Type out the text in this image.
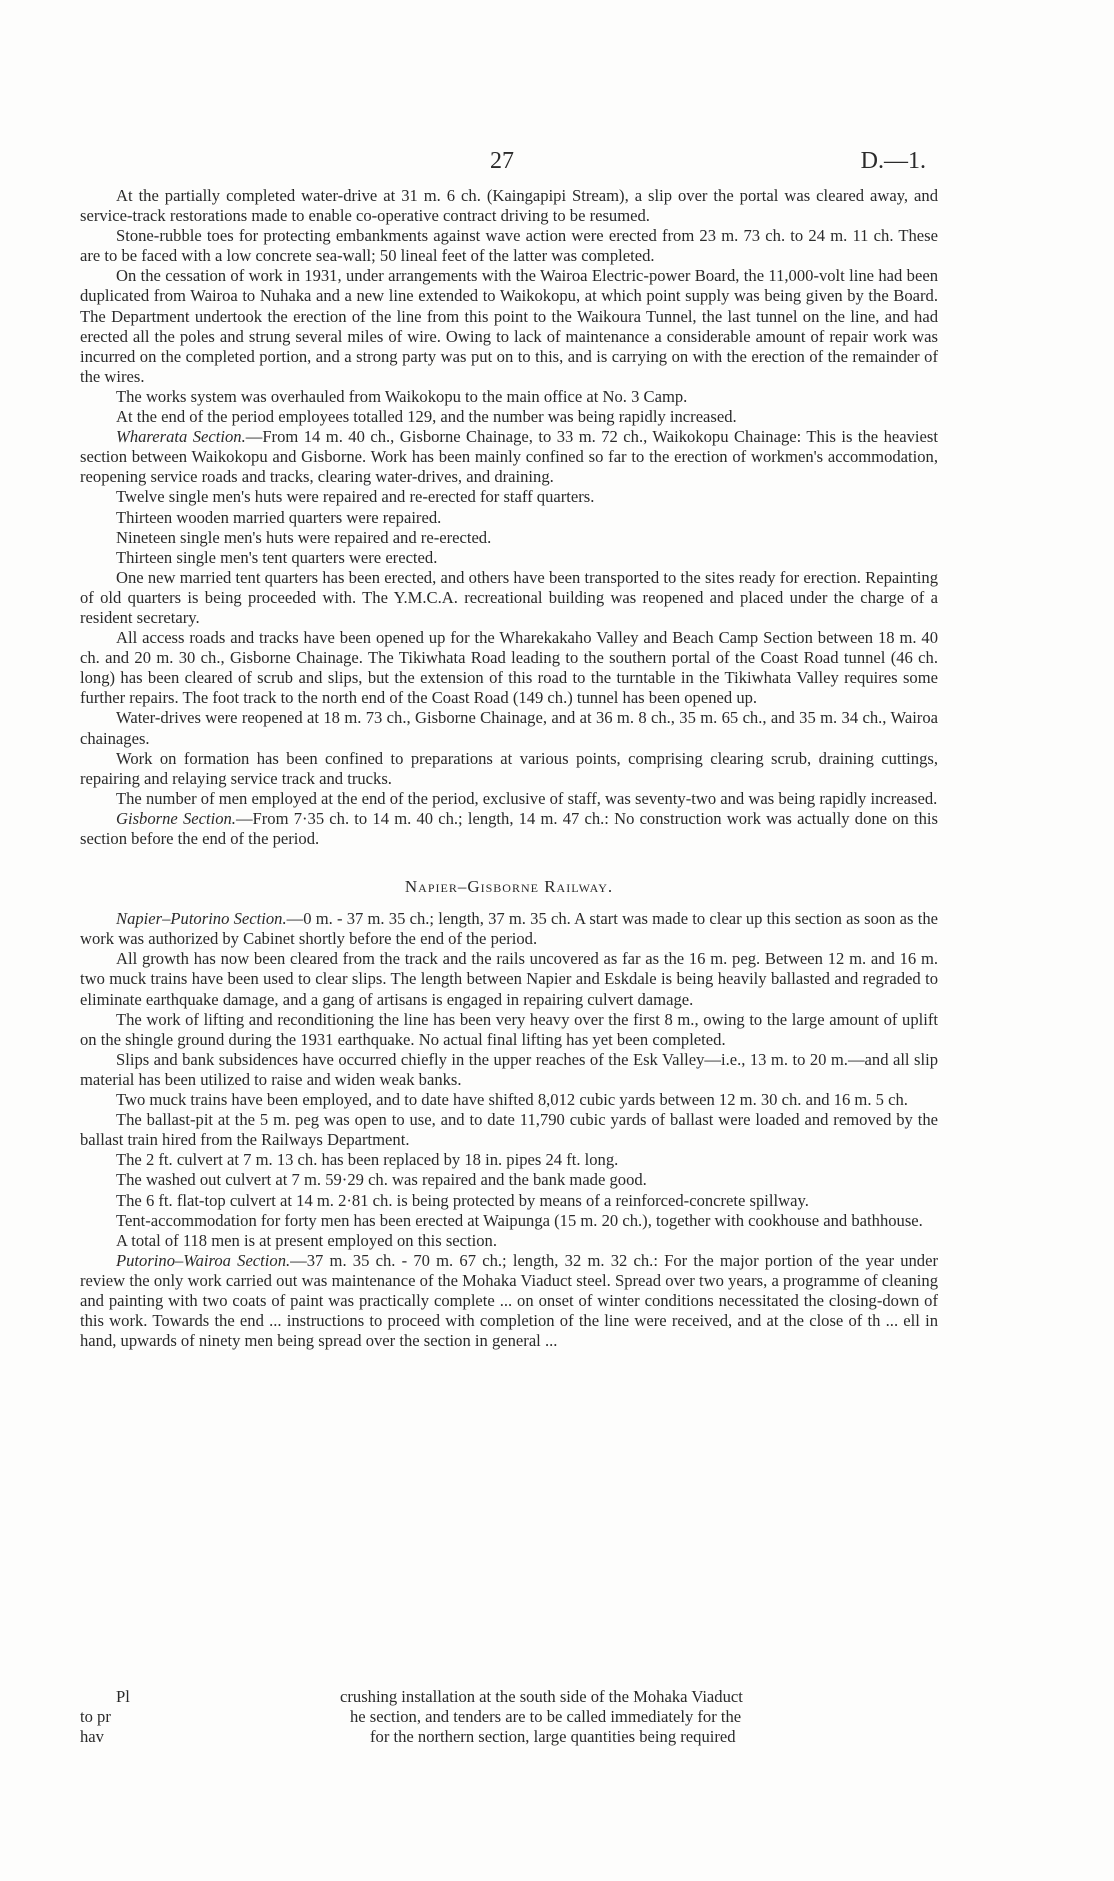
27	D.—1.

At the partially completed water-drive at 31 m. 6 ch. (Kaingapipi Stream), a slip over the portal was cleared away, and service-track restorations made to enable co-operative contract driving to be resumed.

Stone-rubble toes for protecting embankments against wave action were erected from 23 m. 73 ch. to 24 m. 11 ch. These are to be faced with a low concrete sea-wall; 50 lineal feet of the latter was completed.

On the cessation of work in 1931, under arrangements with the Wairoa Electric-power Board, the 11,000-volt line had been duplicated from Wairoa to Nuhaka and a new line extended to Waikokopu, at which point supply was being given by the Board. The Department undertook the erection of the line from this point to the Waikoura Tunnel, the last tunnel on the line, and had erected all the poles and strung several miles of wire. Owing to lack of maintenance a considerable amount of repair work was incurred on the completed portion, and a strong party was put on to this, and is carrying on with the erection of the remainder of the wires.

The works system was overhauled from Waikokopu to the main office at No. 3 Camp.

At the end of the period employees totalled 129, and the number was being rapidly increased.

Wharerata Section.—From 14 m. 40 ch., Gisborne Chainage, to 33 m. 72 ch., Waikokopu Chainage: This is the heaviest section between Waikokopu and Gisborne. Work has been mainly confined so far to the erection of workmen's accommodation, reopening service roads and tracks, clearing water-drives, and draining.

Twelve single men's huts were repaired and re-erected for staff quarters.

Thirteen wooden married quarters were repaired.

Nineteen single men's huts were repaired and re-erected.

Thirteen single men's tent quarters were erected.

One new married tent quarters has been erected, and others have been transported to the sites ready for erection. Repainting of old quarters is being proceeded with. The Y.M.C.A. recreational building was reopened and placed under the charge of a resident secretary.

All access roads and tracks have been opened up for the Wharekakaho Valley and Beach Camp Section between 18 m. 40 ch. and 20 m. 30 ch., Gisborne Chainage. The Tikiwhata Road leading to the southern portal of the Coast Road tunnel (46 ch. long) has been cleared of scrub and slips, but the extension of this road to the turntable in the Tikiwhata Valley requires some further repairs. The foot track to the north end of the Coast Road (149 ch.) tunnel has been opened up.

Water-drives were reopened at 18 m. 73 ch., Gisborne Chainage, and at 36 m. 8 ch., 35 m. 65 ch., and 35 m. 34 ch., Wairoa chainages.

Work on formation has been confined to preparations at various points, comprising clearing scrub, draining cuttings, repairing and relaying service track and trucks.

The number of men employed at the end of the period, exclusive of staff, was seventy-two and was being rapidly increased.

Gisborne Section.—From 7·35 ch. to 14 m. 40 ch.; length, 14 m. 47 ch.: No construction work was actually done on this section before the end of the period.

Napier–Gisborne Railway.

Napier–Putorino Section.—0 m. - 37 m. 35 ch.; length, 37 m. 35 ch. A start was made to clear up this section as soon as the work was authorized by Cabinet shortly before the end of the period.

All growth has now been cleared from the track and the rails uncovered as far as the 16 m. peg. Between 12 m. and 16 m. two muck trains have been used to clear slips. The length between Napier and Eskdale is being heavily ballasted and regraded to eliminate earthquake damage, and a gang of artisans is engaged in repairing culvert damage.

The work of lifting and reconditioning the line has been very heavy over the first 8 m., owing to the large amount of uplift on the shingle ground during the 1931 earthquake. No actual final lifting has yet been completed.

Slips and bank subsidences have occurred chiefly in the upper reaches of the Esk Valley—i.e., 13 m. to 20 m.—and all slip material has been utilized to raise and widen weak banks.

Two muck trains have been employed, and to date have shifted 8,012 cubic yards between 12 m. 30 ch. and 16 m. 5 ch.

The ballast-pit at the 5 m. peg was open to use, and to date 11,790 cubic yards of ballast were loaded and removed by the ballast train hired from the Railways Department.

The 2 ft. culvert at 7 m. 13 ch. has been replaced by 18 in. pipes 24 ft. long.

The washed out culvert at 7 m. 59·29 ch. was repaired and the bank made good.

The 6 ft. flat-top culvert at 14 m. 2·81 ch. is being protected by means of a reinforced-concrete spillway.

Tent-accommodation for forty men has been erected at Waipunga (15 m. 20 ch.), together with cookhouse and bathhouse.

A total of 118 men is at present employed on this section.

Putorino–Wairoa Section.—37 m. 35 ch. - 70 m. 67 ch.; length, 32 m. 32 ch.: For the major portion of the year under review the only work carried out was maintenance of the Mohaka Viaduct steel. Spread over two years, a programme of cleaning and painting with two coats of paint was practically complete ... on onset of winter conditions necessitated the closing-down of this work. Towards the end ... instructions to proceed with completion of the line were received, and at the close of th ... ell in hand, upwards of ninety men being spread over the section in general ...

Pl	crushing installation at the south side of the Mohaka Viaduct
to pr	he section, and tenders are to be called immediately for the
hav	for the northern section, large quantities being required
